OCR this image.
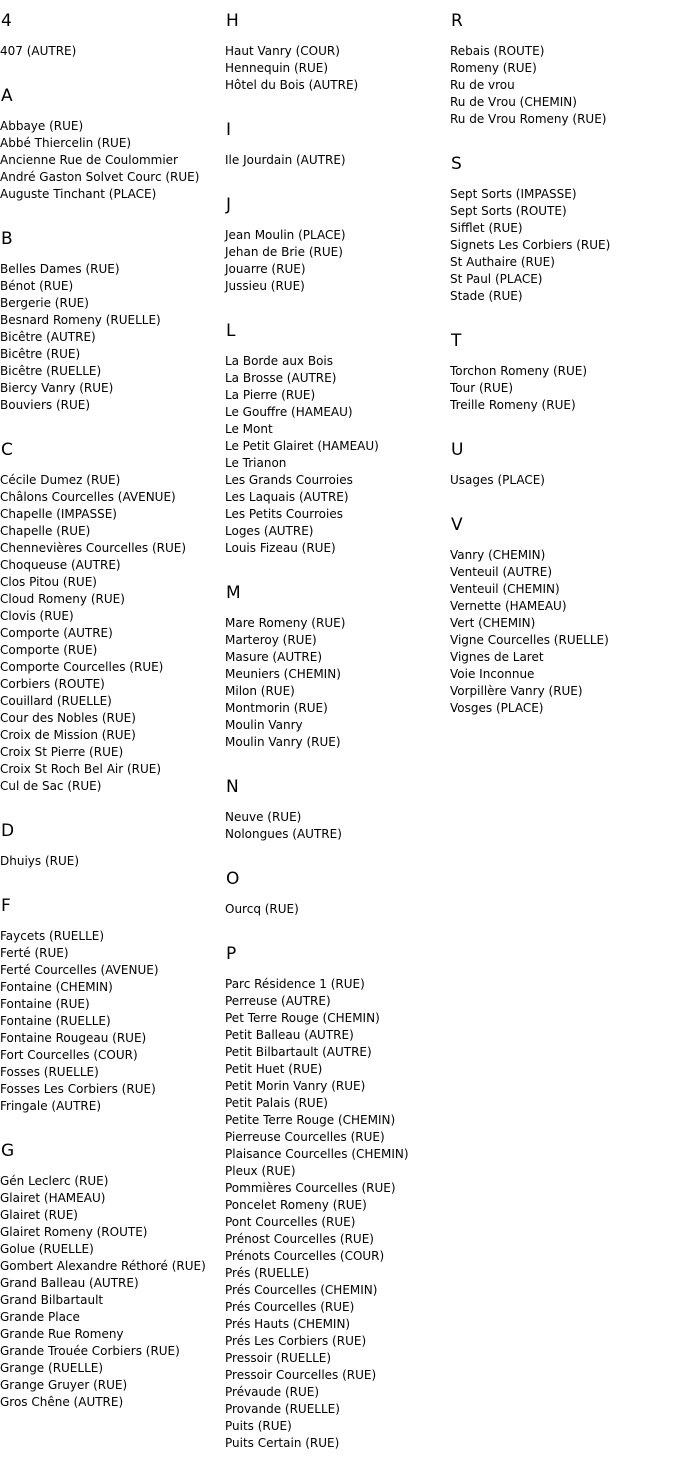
4
407 (AUTRE)
A
Abbaye (RUE)
Abbé Thiercelin (RUE)
Ancienne Rue de Coulommier
André Gaston Solvet Courc (RUE)
Auguste Tinchant (PLACE)
B
Belles Dames (RUE)
Bénot (RUE)
Bergerie (RUE)
Besnard Romeny (RUELLE)
Bicêtre (AUTRE)
Bicêtre (RUE)
Bicêtre (RUELLE)
Biercy Vanry (RUE)
Bouviers (RUE)
C
Cécile Dumez (RUE)
Châlons Courcelles (AVENUE)
Chapelle (IMPASSE)
Chapelle (RUE)
Chennevières Courcelles (RUE)
Choqueuse (AUTRE)
Clos Pitou (RUE)
Cloud Romeny (RUE)
Clovis (RUE)
Comporte (AUTRE)
Comporte (RUE)
Comporte Courcelles (RUE)
Corbiers (ROUTE)
Couillard (RUELLE)
Cour des Nobles (RUE)
Croix de Mission (RUE)
Croix St Pierre (RUE)
Croix St Roch Bel Air (RUE)
Cul de Sac (RUE)
D
Dhuiys (RUE)
F
Faycets (RUELLE)
Ferté (RUE)
Ferté Courcelles (AVENUE)
Fontaine (CHEMIN)
Fontaine (RUE)
Fontaine (RUELLE)
Fontaine Rougeau (RUE)
Fort Courcelles (COUR)
Fosses (RUELLE)
Fosses Les Corbiers (RUE)
Fringale (AUTRE)
G
Gén Leclerc (RUE)
Glairet (HAMEAU)
Glairet (RUE)
Glairet Romeny (ROUTE)
Golue (RUELLE)
Gombert Alexandre Réthoré (RUE)
Grand Balleau (AUTRE)
Grand Bilbartault
Grande Place
Grande Rue Romeny
Grande Trouée Corbiers (RUE)
Grange (RUELLE)
Grange Gruyer (RUE)
Gros Chêne (AUTRE)
H
Haut Vanry (COUR)
Hennequin (RUE)
Hôtel du Bois (AUTRE)
I
Ile Jourdain (AUTRE)
J
Jean Moulin (PLACE)
Jehan de Brie (RUE)
Jouarre (RUE)
Jussieu (RUE)
L
La Borde aux Bois
La Brosse (AUTRE)
La Pierre (RUE)
Le Gouffre (HAMEAU)
Le Mont
Le Petit Glairet (HAMEAU)
Le Trianon
Les Grands Courroies
Les Laquais (AUTRE)
Les Petits Courroies
Loges (AUTRE)
Louis Fizeau (RUE)
M
Mare Romeny (RUE)
Marteroy (RUE)
Masure (AUTRE)
Meuniers (CHEMIN)
Milon (RUE)
Montmorin (RUE)
Moulin Vanry
Moulin Vanry (RUE)
N
Neuve (RUE)
Nolongues (AUTRE)
O
Ourcq (RUE)
P
Parc Résidence 1 (RUE)
Perreuse (AUTRE)
Pet Terre Rouge (CHEMIN)
Petit Balleau (AUTRE)
Petit Bilbartault (AUTRE)
Petit Huet (RUE)
Petit Morin Vanry (RUE)
Petit Palais (RUE)
Petite Terre Rouge (CHEMIN)
Pierreuse Courcelles (RUE)
Plaisance Courcelles (CHEMIN)
Pleux (RUE)
Pommières Courcelles (RUE)
Poncelet Romeny (RUE)
Pont Courcelles (RUE)
Prénost Courcelles (RUE)
Prénots Courcelles (COUR)
Prés (RUELLE)
Prés Courcelles (CHEMIN)
Prés Courcelles (RUE)
Prés Hauts (CHEMIN)
Prés Les Corbiers (RUE)
Pressoir (RUELLE)
Pressoir Courcelles (RUE)
Prévaude (RUE)
Provande (RUELLE)
Puits (RUE)
Puits Certain (RUE)
R
Rebais (ROUTE)
Romeny (RUE)
Ru de vrou
Ru de Vrou (CHEMIN)
Ru de Vrou Romeny (RUE)
S
Sept Sorts (IMPASSE)
Sept Sorts (ROUTE)
Sifflet (RUE)
Signets Les Corbiers (RUE)
St Authaire (RUE)
St Paul (PLACE)
Stade (RUE)
T
Torchon Romeny (RUE)
Tour (RUE)
Treille Romeny (RUE)
U
Usages (PLACE)
V
Vanry (CHEMIN)
Venteuil (AUTRE)
Venteuil (CHEMIN)
Vernette (HAMEAU)
Vert (CHEMIN)
Vigne Courcelles (RUELLE)
Vignes de Laret
Voie Inconnue
Vorpillère Vanry (RUE)
Vosges (PLACE)
